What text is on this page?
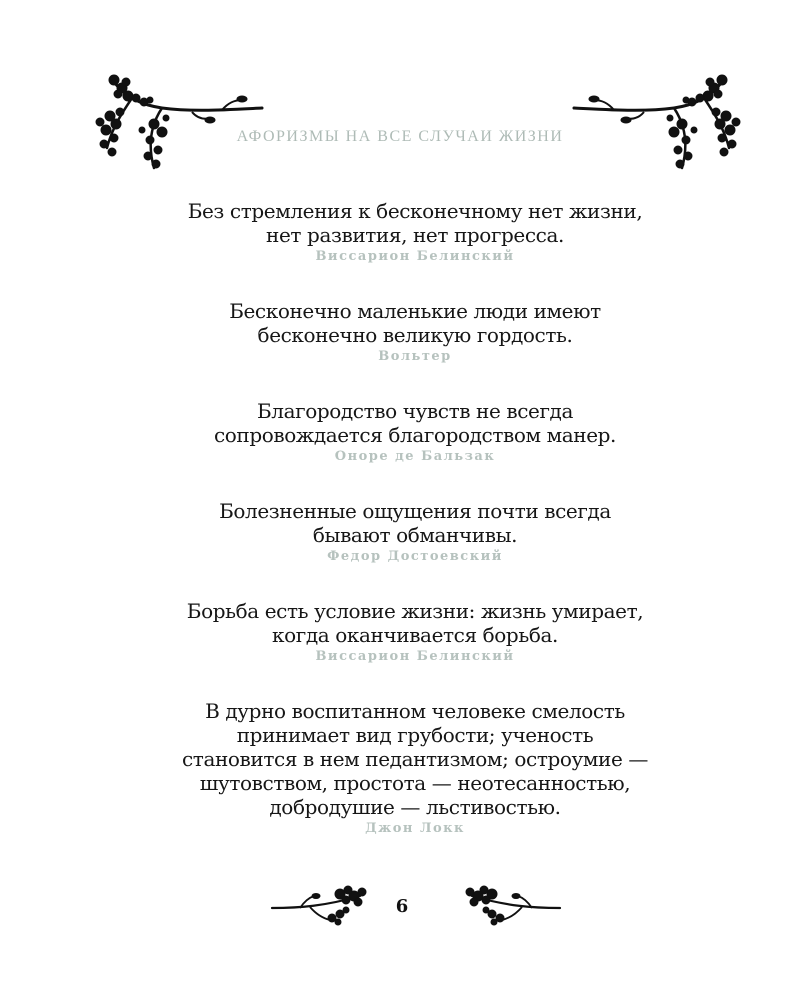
АФОРИЗМЫ НА ВСЕ СЛУЧАИ ЖИЗНИ
Без стремления к бесконечному нет жизни,
нет развития, нет прогресса.
Виссарион Белинский
Бесконечно маленькие люди имеют
бесконечно великую гордость.
Вольтер
Благородство чувств не всегда
сопровождается благородством манер.
Оноре де Бальзак
Болезненные ощущения почти всегда
бывают обманчивы.
Федор Достоевский
Борьба есть условие жизни: жизнь умирает,
когда оканчивается борьба.
Виссарион Белинский
В дурно воспитанном человеке смелость
принимает вид грубости; ученость
становится в нем педантизмом; остроумие —
шутовством, простота — неотесанностью,
добродушие — льстивостью.
Джон Локк
6
